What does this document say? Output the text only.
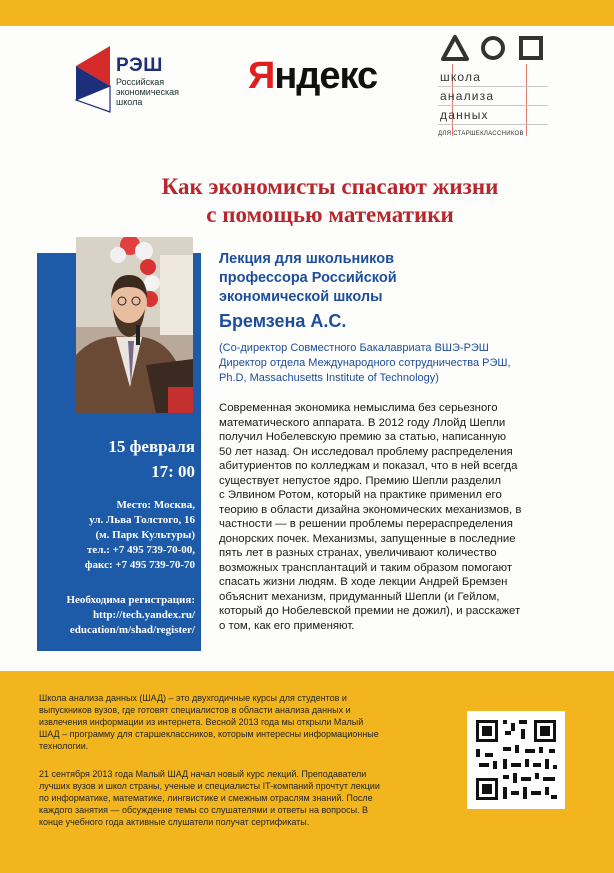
РЭШ
Российская
экономическая
школа
Яндекс	школа
анализа
данных
ДЛЯ СТАРШЕКЛАССНИКОВ
Как экономисты спасают жизни
с помощью математики
15 февраля
17: 00
Место: Москва,
ул. Льва Толстого, 16
(м. Парк Культуры)
тел.: +7 495 739-70-00,
факс: +7 495 739-70-70
Необходима регистрация:
http://tech.yandex.ru/
education/m/shad/register/
Лекция для школьников
профессора Российской
экономической школы
Бремзена А.С.
(Со-директор Совместного Бакалавриата ВШЭ-РЭШ
Директор отдела Международного сотрудничества РЭШ,
Ph.D, Massachusetts Institute of Technology)
Современная экономика немыслима без серьезного
математического аппарата. В 2012 году Ллойд Шепли
получил Нобелевскую премию за статью, написанную
50 лет назад. Он исследовал проблему распределения
абитуриентов по колледжам и показал, что в ней всегда
существует непустое ядро. Премию Шепли разделил
с Элвином Ротом, который на практике применил его
теорию в области дизайна экономических механизмов, в
частности — в решении проблемы перераспределения
донорских почек. Механизмы, запущенные в последние
пять лет в разных странах, увеличивают количество
возможных трансплантаций и таким образом помогают
спасать жизни людям. В ходе лекции Андрей Бремзен
объяснит механизм, придуманный Шепли (и Гейлом,
который до Нобелевской премии не дожил), и расскажет
о том, как его применяют.

Школа анализа данных (ШАД) – это двухгодичные курсы для студентов и
выпускников вузов, где готовят специалистов в области анализа данных и
извлечения информации из интернета. Весной 2013 года мы открыли Малый
ШАД – программу для старшеклассников, которым интересны информационные
технологии.

21 сентября 2013 года Малый ШАД начал новый курс лекций. Преподаватели
лучших вузов и школ страны, ученые и специалисты IT-компаний прочтут лекции
по информатике, математике, лингвистике и смежным отраслям знаний. После
каждого занятия — обсуждение темы со слушателями и ответы на вопросы. В
конце учебного года активные слушатели получат сертификаты.
